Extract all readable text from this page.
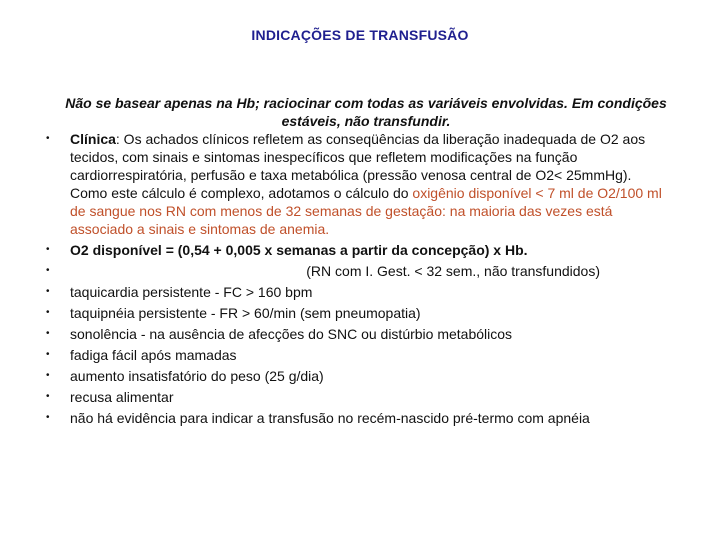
INDICAÇÕES DE TRANSFUSÃO
Não se basear apenas na Hb; raciocinar com todas as variáveis envolvidas. Em condições estáveis, não transfundir.
• Clínica: Os achados clínicos refletem as conseqüências da liberação inadequada de O2 aos tecidos, com sinais e sintomas inespecíficos que refletem modificações na função cardiorrespiratória, perfusão e taxa metabólica (pressão venosa central de O2< 25mmHg). Como este cálculo é complexo, adotamos o cálculo do oxigênio disponível < 7 ml de O2/100 ml de sangue nos RN com menos de 32 semanas de gestação: na maioria das vezes está associado a sinais e sintomas de anemia.
• O2 disponível = (0,54 + 0,005 x semanas a partir da concepção) x Hb.
•	(RN com I. Gest. < 32 sem., não transfundidos)
• taquicardia persistente - FC > 160 bpm
• taquipnéia persistente - FR > 60/min (sem pneumopatia)
• sonolência - na ausência de afecções do SNC ou distúrbio metabólicos
• fadiga fácil após mamadas
• aumento insatisfatório do peso (25 g/dia)
• recusa alimentar
• não há evidência para indicar a transfusão no recém-nascido pré-termo com apnéia
